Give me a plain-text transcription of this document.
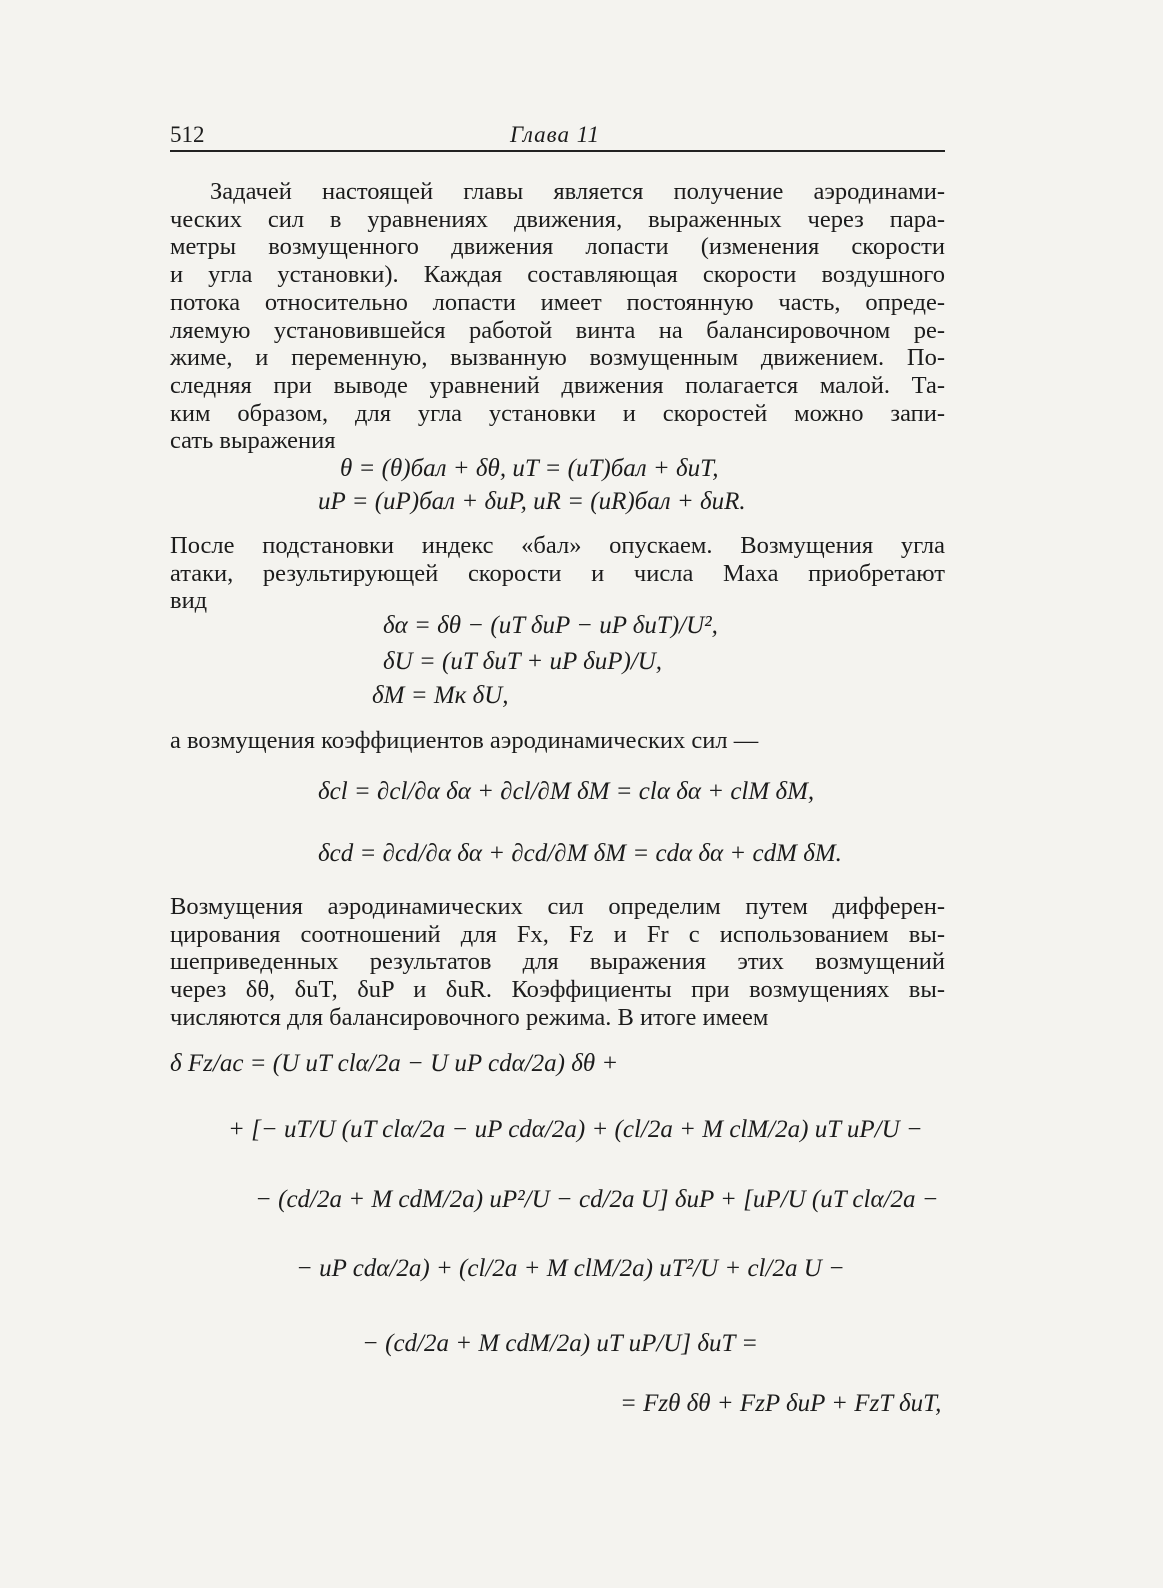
512	Глава 11
Задачей настоящей главы является получение аэродинами-
ческих сил в уравнениях движения, выраженных через пара-
метры возмущенного движения лопасти (изменения скорости
и угла установки). Каждая составляющая скорости воздушного
потока относительно лопасти имеет постоянную часть, опреде-
ляемую установившейся работой винта на балансировочном ре-
жиме, и переменную, вызванную возмущенным движением. По-
следняя при выводе уравнений движения полагается малой. Та-
ким образом, для угла установки и скоростей можно запи-
сать выражения
θ = (θ)бал + δθ, uT = (uT)бал + δuT,
uP = (uP)бал + δuP, uR = (uR)бал + δuR.
После подстановки индекс «бал» опускаем. Возмущения угла
атаки, результирующей скорости и числа Маха приобретают
вид
δα = δθ − (uT δuP − uP δuT)/U²,
δU = (uT δuT + uP δuP)/U,
δM = Mк δU,
а возмущения коэффициентов аэродинамических сил —
δcl = ∂cl/∂α δα + ∂cl/∂M δM = clα δα + clM δM,
δcd = ∂cd/∂α δα + ∂cd/∂M δM = cdα δα + cdM δM.
Возмущения аэродинамических сил определим путем дифферен-
цирования соотношений для Fx, Fz и Fr с использованием вы-
шеприведенных результатов для выражения этих возмущений
через δθ, δuT, δuP и δuR. Коэффициенты при возмущениях вы-
числяются для балансировочного режима. В итоге имеем
δ Fz/ac = (U uT clα/2a − U uP cdα/2a) δθ +
+ [− uT/U (uT clα/2a − uP cdα/2a) + (cl/2a + M clM/2a) uT uP/U −
− (cd/2a + M cdM/2a) uP²/U − cd/2a U] δuP + [uP/U (uT clα/2a −
− uP cdα/2a) + (cl/2a + M clM/2a) uT²/U + cl/2a U −
− (cd/2a + M cdM/2a) uT uP/U] δuT =
= Fzθ δθ + FzP δuP + FzT δuT,
